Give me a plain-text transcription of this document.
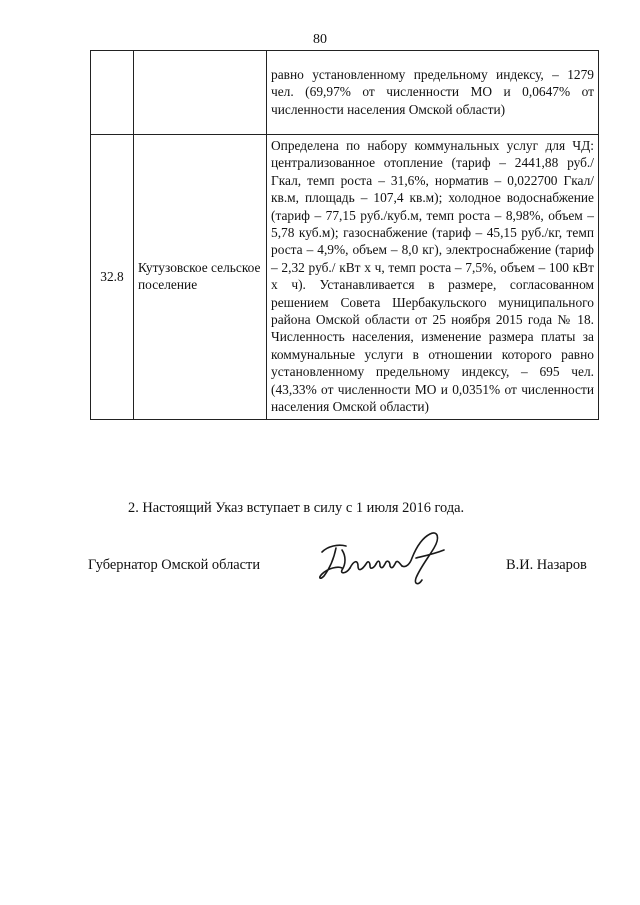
80
		равно установленному предельному индексу, – 1279 чел. (69,97% от численности МО и 0,0647% от численности населения Омской области)
32.8	Кутузовское сельское поселение	Определена по набору коммунальных услуг для ЧД: централизованное отопление (тариф – 2441,88 руб./Гкал, темп роста – 31,6%, норматив – 0,022700 Гкал/кв.м, площадь – 107,4 кв.м); холодное водоснабжение (тариф – 77,15 руб./куб.м, темп роста – 8,98%, объем – 5,78 куб.м); газоснабжение (тариф – 45,15 руб./кг, темп роста – 4,9%, объем – 8,0 кг), электроснабжение (тариф – 2,32 руб./ кВт х ч, темп роста – 7,5%, объем – 100 кВт х ч). Устанавливается в размере, согласованном решением Совета Шербакульского муниципального района Омской области от 25 ноября 2015 года № 18. Численность населения, изменение размера платы за коммунальные услуги в отношении которого равно установленному предельному индексу, – 695 чел. (43,33% от численности МО и 0,0351% от численности населения Омской области)
2. Настоящий Указ вступает в силу с 1 июля 2016 года.
Губернатор Омской области	В.И. Назаров
